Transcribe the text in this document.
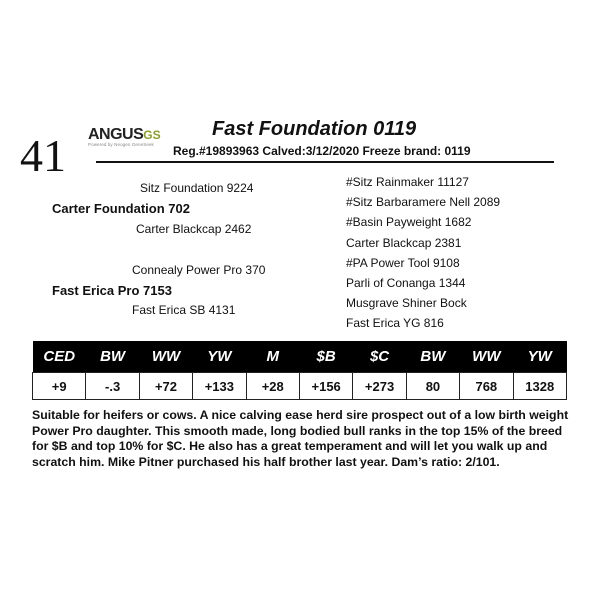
41 ANGUSGS
Powered by Neogen GeneSeek
Fast Foundation 0119
Reg.#19893963 Calved:3/12/2020 Freeze brand: 0119
Sitz Foundation 9224
Carter Foundation 702
Carter Blackcap 2462
Connealy Power Pro 370
Fast Erica Pro 7153
Fast Erica SB 4131
#Sitz Rainmaker 11127
#Sitz Barbaramere Nell 2089
#Basin Payweight 1682
Carter Blackcap 2381
#PA Power Tool 9108
Parli of Conanga 1344
Musgrave Shiner Bock
Fast Erica YG 816
CED	BW	WW	YW	M	$B	$C	BW	WW	YW
+9	-.3	+72	+133	+28	+156	+273	80	768	1328
Suitable for heifers or cows. A nice calving ease herd sire prospect out of a low birth weight Power Pro daughter. This smooth made, long bodied bull ranks in the top 15% of the breed for $B and top 10% for $C. He also has a great temperament and will let you walk up and scratch him. Mike Pitner purchased his half brother last year. Dam’s ratio: 2/101.
